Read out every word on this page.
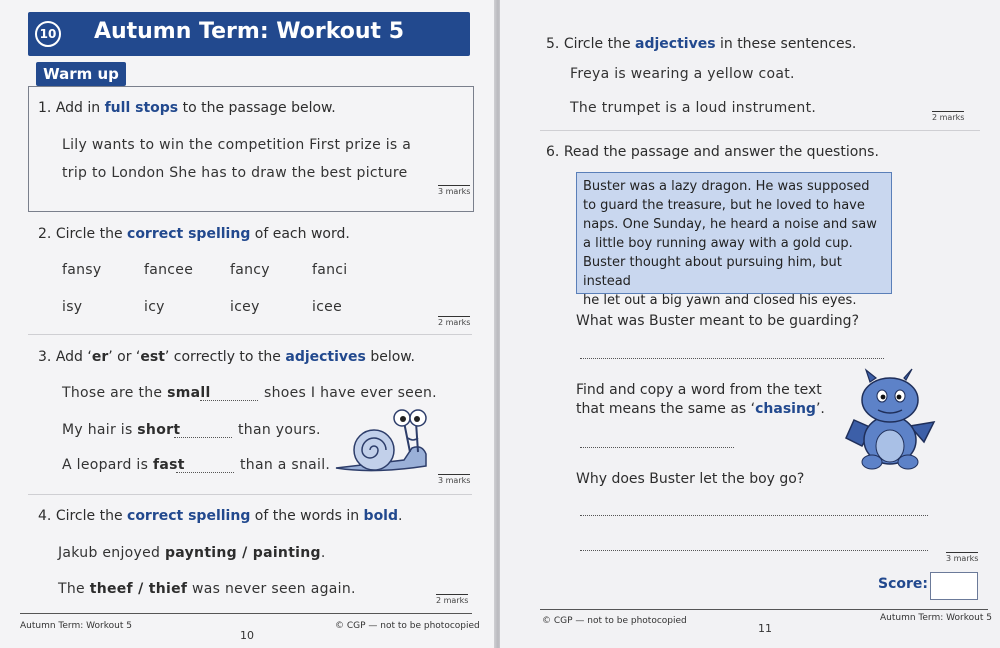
10	Autumn Term: Workout 5
Warm up
1. Add in full stops to the passage below.
Lily wants to win the competition First prize is a
trip to London She has to draw the best picture
3 marks
2. Circle the correct spelling of each word.
fansy	fancee	fancy	fanci
isy	icy	icey	icee
2 marks
3. Add ‘er’ or ‘est’ correctly to the adjectives below.
Those are the small	shoes I have ever seen.
My hair is short	than yours.
A leopard is fast	than a snail.
3 marks
4. Circle the correct spelling of the words in bold.
Jakub enjoyed paynting / painting.
The theef / thief was never seen again.
2 marks
Autumn Term: Workout 5
10
© CGP — not to be photocopied
5. Circle the adjectives in these sentences.
Freya is wearing a yellow coat.
The trumpet is a loud instrument.
2 marks
6. Read the passage and answer the questions.
Buster was a lazy dragon. He was supposed
to guard the treasure, but he loved to have
naps. One Sunday, he heard a noise and saw
a little boy running away with a gold cup.
Buster thought about pursuing him, but instead
he let out a big yawn and closed his eyes.
What was Buster meant to be guarding?
Find and copy a word from the text
that means the same as ‘chasing’.
Why does Buster let the boy go?
3 marks
Score:
© CGP — not to be photocopied
11
Autumn Term: Workout 5
